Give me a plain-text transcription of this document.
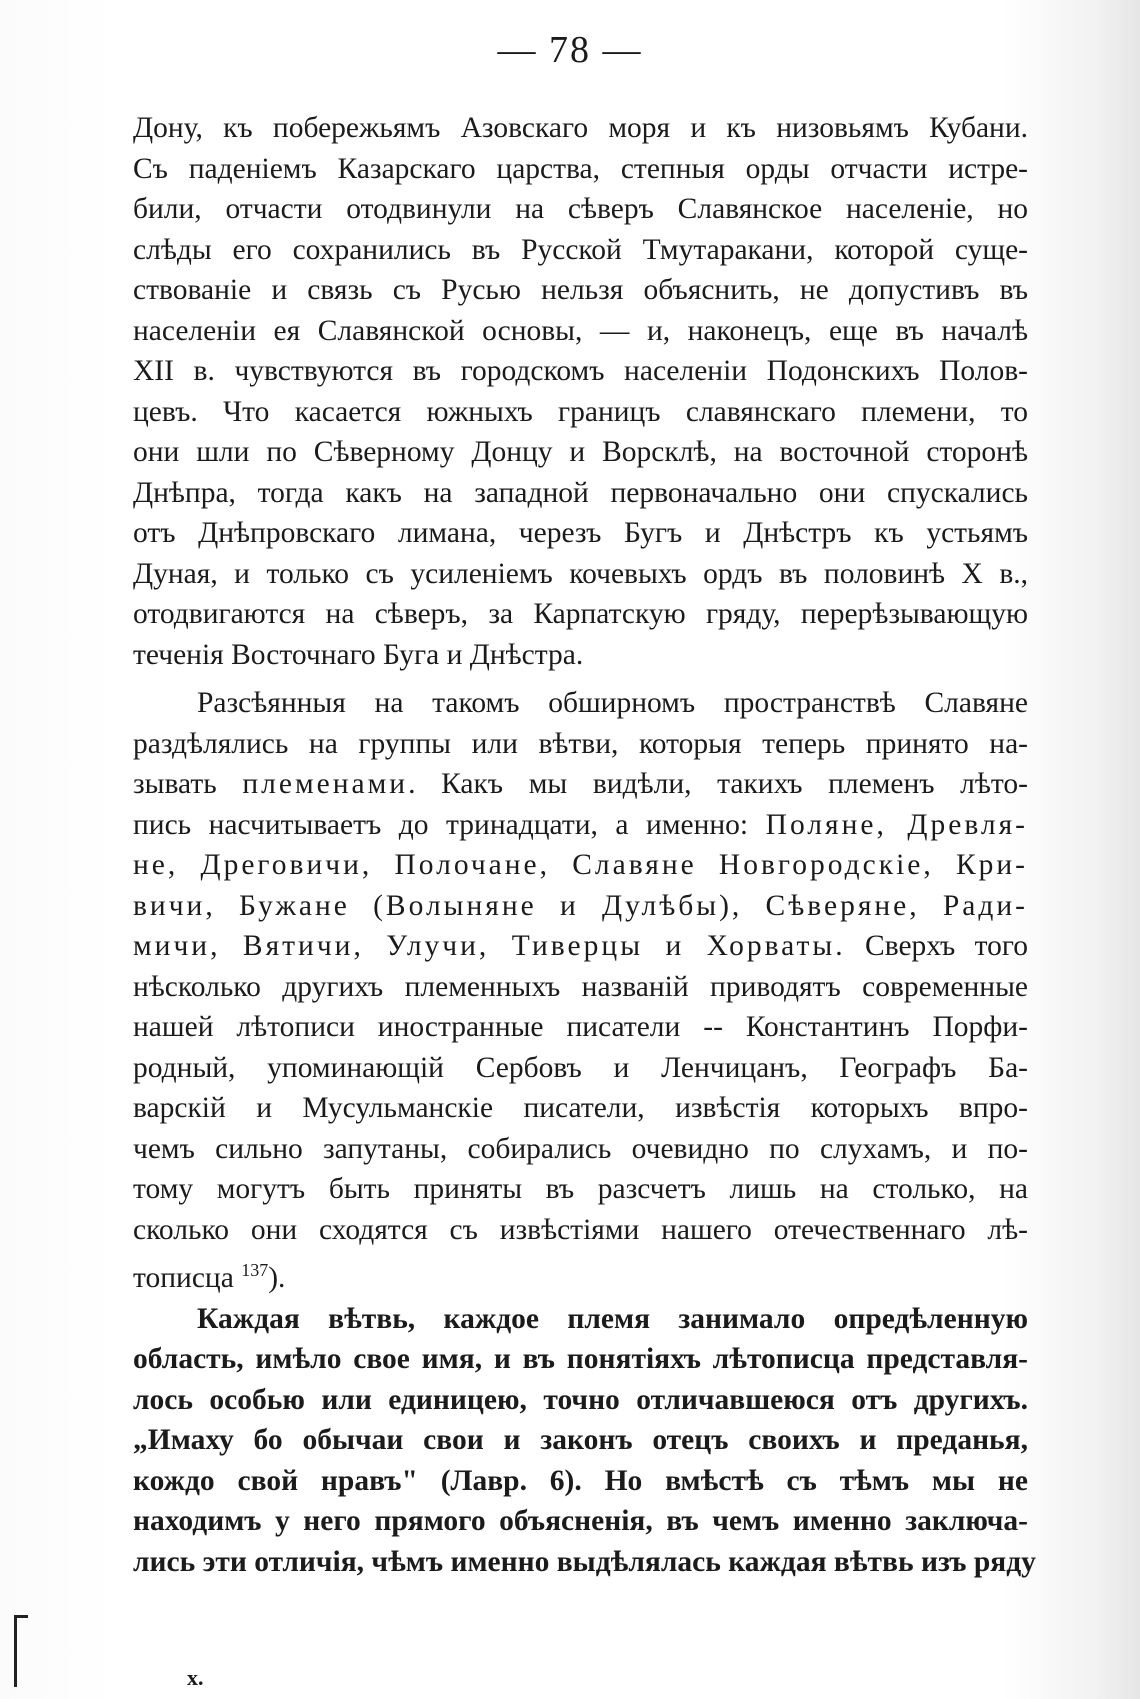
— 78 —
Дону, къ побережьямъ Азовскаго моря и къ низовьямъ Кубани.
Съ паденіемъ Казарскаго царства, степныя орды отчасти истре-
били, отчасти отодвинули на сѣверъ Славянское населеніе, но
слѣды его сохранились въ Русской Тмутаракани, которой суще-
ствованіе и связь съ Русью нельзя объяснить, не допустивъ въ
населеніи ея Славянской основы, — и, наконецъ, еще въ началѣ
XII в. чувствуются въ городскомъ населеніи Подонскихъ Полов-
цевъ. Что касается южныхъ границъ славянскаго племени, то
они шли по Сѣверному Донцу и Ворсклѣ, на восточной сторонѣ
Днѣпра, тогда какъ на западной первоначально они спускались
отъ Днѣпровскаго лимана, черезъ Бугъ и Днѣстръ къ устьямъ
Дуная, и только съ усиленіемъ кочевыхъ ордъ въ половинѣ X в.,
отодвигаются на сѣверъ, за Карпатскую гряду, перерѣзывающую
теченія Восточнаго Буга и Днѣстра.
Разсѣянныя на такомъ обширномъ пространствѣ Славяне
раздѣлялись на группы или вѣтви, которыя теперь принято на-
зывать племенами. Какъ мы видѣли, такихъ племенъ лѣто-
пись насчитываетъ до тринадцати, а именно: Поляне, Древля-
не, Дреговичи, Полочане, Славяне Новгородскіе, Кри-
вичи, Бужане (Волыняне и Дулѣбы), Сѣверяне, Ради-
мичи, Вятичи, Улучи, Тиверцы и Хорваты. Сверхъ того
нѣсколько другихъ племенныхъ названій приводятъ современные
нашей лѣтописи иностранные писатели -- Константинъ Порфи-
родный, упоминающій Сербовъ и Ленчицанъ, Географъ Ба-
варскій и Мусульманскіе писатели, извѣстія которыхъ впро-
чемъ сильно запутаны, собирались очевидно по слухамъ, и по-
тому могутъ быть приняты въ разсчетъ лишь на столько, на
сколько они сходятся съ извѣстіями нашего отечественнаго лѣ-
тописца $^{137}$).
Каждая вѣтвь, каждое племя занимало опредѣленную
область, имѣло свое имя, и въ понятіяхъ лѣтописца представля-
лось особью или единицею, точно отличавшеюся отъ другихъ.
„Имаху бо обычаи свои и законъ отецъ своихъ и преданья,
кождо свой нравъ" (Лавр. 6). Но вмѣстѣ съ тѣмъ мы не
находимъ у него прямого объясненія, въ чемъ именно заключа-
лись эти отличія, чѣмъ именно выдѣлялась каждая вѣтвь изъ ряду
х.
